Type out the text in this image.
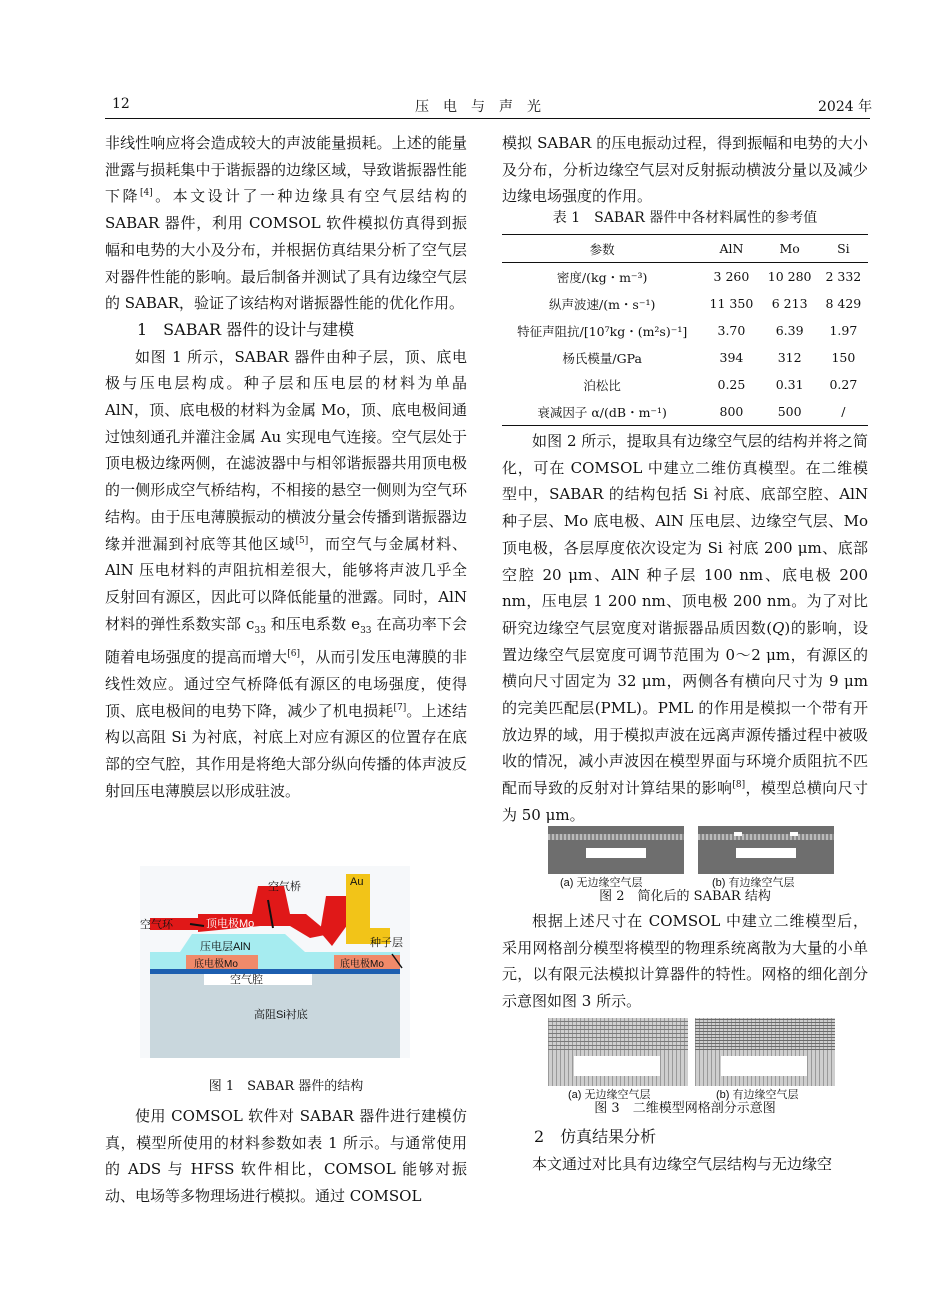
12	压　电　与　声　光	2024 年

非线性响应将会造成较大的声波能量损耗。上述的能量泄露与损耗集中于谐振器的边缘区域，导致谐振器性能下降[4]。本文设计了一种边缘具有空气层结构的 SABAR 器件，利用 COMSOL 软件模拟仿真得到振幅和电势的大小及分布，并根据仿真结果分析了空气层对器件性能的影响。最后制备并测试了具有边缘空气层的 SABAR，验证了该结构对谐振器性能的优化作用。

1　SABAR 器件的设计与建模

如图 1 所示，SABAR 器件由种子层，顶、底电极与压电层构成。种子层和压电层的材料为单晶 AlN，顶、底电极的材料为金属 Mo，顶、底电极间通过蚀刻通孔并灌注金属 Au 实现电气连接。空气层处于顶电极边缘两侧，在滤波器中与相邻谐振器共用顶电极的一侧形成空气桥结构，不相接的悬空一侧则为空气环结构。由于压电薄膜振动的横波分量会传播到谐振器边缘并泄漏到衬底等其他区域[5]，而空气与金属材料、AlN 压电材料的声阻抗相差很大，能够将声波几乎全反射回有源区，因此可以降低能量的泄露。同时，AlN 材料的弹性系数实部 $c_{33}$ 和压电系数 $e_{33}$ 在高功率下会随着电场强度的提高而增大[6]，从而引发压电薄膜的非线性效应。通过空气桥降低有源区的电场强度，使得顶、底电极间的电势下降，减少了机电损耗[7]。上述结构以高阻 Si 为衬底，衬底上对应有源区的位置存在底部的空气腔，其作用是将绝大部分纵向传播的体声波反射回压电薄膜层以形成驻波。

空气桥	Au
空气环	顶电极Mo
压电层AlN	种子层
底电极Mo	底电极Mo
空气腔
高阻Si衬底
图 1　SABAR 器件的结构

使用 COMSOL 软件对 SABAR 器件进行建模仿真，模型所使用的材料参数如表 1 所示。与通常使用的 ADS 与 HFSS 软件相比，COMSOL 能够对振动、电场等多物理场进行模拟。通过 COMSOL

模拟 SABAR 的压电振动过程，得到振幅和电势的大小及分布，分析边缘空气层对反射振动横波分量以及减少边缘电场强度的作用。

表 1　SABAR 器件中各材料属性的参考值
参数	AlN	Mo	Si
密度/(kg・m⁻³)	3 260	10 280	2 332
纵声波速/(m・s⁻¹)	11 350	6 213	8 429
特征声阻抗/[10⁷kg・(m²s)⁻¹]	3.70	6.39	1.97
杨氏模量/GPa	394	312	150
泊松比	0.25	0.31	0.27
衰减因子 α/(dB・m⁻¹)	800	500	/

如图 2 所示，提取具有边缘空气层的结构并将之简化，可在 COMSOL 中建立二维仿真模型。在二维模型中，SABAR 的结构包括 Si 衬底、底部空腔、AlN 种子层、Mo 底电极、AlN 压电层、边缘空气层、Mo 顶电极，各层厚度依次设定为 Si 衬底 200 μm、底部空腔 20 μm、AlN 种子层 100 nm、底电极 200 nm，压电层 1 200 nm、顶电极 200 nm。为了对比研究边缘空气层宽度对谐振器品质因数(Q)的影响，设置边缘空气层宽度可调节范围为 0～2 μm，有源区的横向尺寸固定为 32 μm，两侧各有横向尺寸为 9 μm 的完美匹配层(PML)。PML 的作用是模拟一个带有开放边界的域，用于模拟声波在远离声源传播过程中被吸收的情况，减小声波因在模型界面与环境介质阻抗不匹配而导致的反射对计算结果的影响[8]，模型总横向尺寸为 50 μm。

(a) 无边缘空气层	(b) 有边缘空气层
图 2　简化后的 SABAR 结构

根据上述尺寸在 COMSOL 中建立二维模型后，采用网格剖分模型将模型的物理系统离散为大量的小单元，以有限元法模拟计算器件的特性。网格的细化剖分示意图如图 3 所示。

(a) 无边缘空气层	(b) 有边缘空气层
图 3　二维模型网格剖分示意图

2　仿真结果分析

本文通过对比具有边缘空气层结构与无边缘空
